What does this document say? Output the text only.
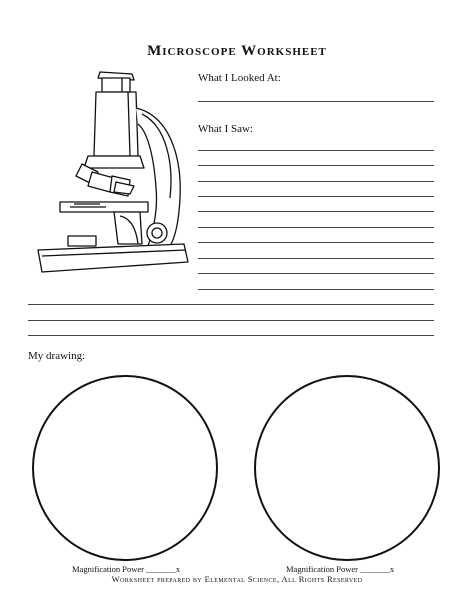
Microscope Worksheet
What I Looked At:
What I Saw:
My drawing:
Magnification Power _______x	Magnification Power _______x
Worksheet prepared by Elemental Science, All Rights Reserved
